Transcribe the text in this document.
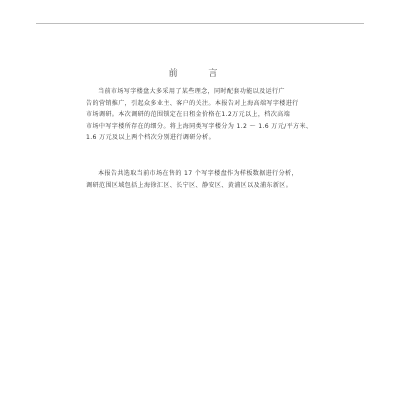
前 言
当前市场写字楼盘大多采用了某些理念，同时配套功能以及运行广
告的营销推广，引起众多业主、客户的关注。本报告对上海高端写字楼进行
市场调研。本次调研的范围锁定在日租金价格在1.2万元以上，档次高端
市场中写字楼所存在的细分。将上海同类写字楼分为 1.2 ～ 1.6 万元/平方米、
1.6 万元及以上两个档次分别进行调研分析。
本报告共选取当前市场在售的 17 个写字楼盘作为样板数据进行分析，
调研范围区域包括上海徐汇区、长宁区、静安区、黄浦区以及浦东新区。
